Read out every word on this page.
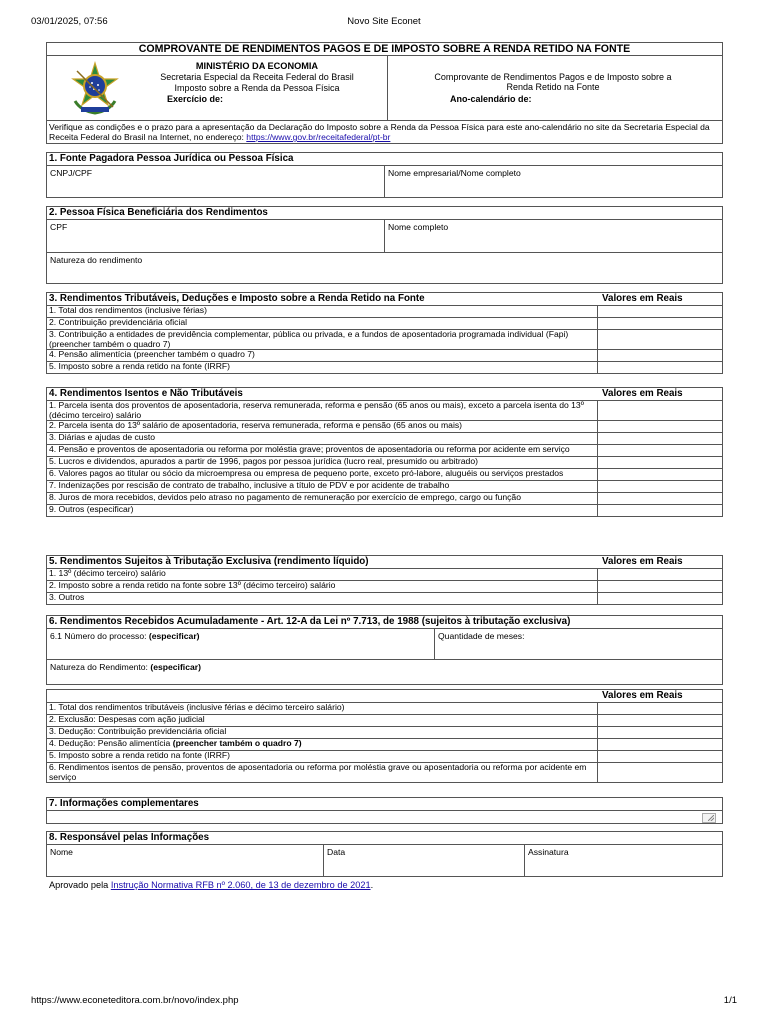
03/01/2025, 07:56	Novo Site Econet
COMPROVANTE DE RENDIMENTOS PAGOS E DE IMPOSTO SOBRE A RENDA RETIDO NA FONTE
MINISTÉRIO DA ECONOMIA
Secretaria Especial da Receita Federal do Brasil
Imposto sobre a Renda da Pessoa Física
Exercício de:
Comprovante de Rendimentos Pagos e de Imposto sobre a
Renda Retido na Fonte
Ano-calendário de:
Verifique as condições e o prazo para a apresentação da Declaração do Imposto sobre a Renda da Pessoa Física para este ano-calendário no site da Secretaria Especial da Receita Federal do Brasil na Internet, no endereço: https://www.gov.br/receitafederal/pt-br
1. Fonte Pagadora Pessoa Jurídica ou Pessoa Física
CNPJ/CPF	Nome empresarial/Nome completo
2. Pessoa Física Beneficiária dos Rendimentos
CPF	Nome completo
Natureza do rendimento
3. Rendimentos Tributáveis, Deduções e Imposto sobre a Renda Retido na Fonte	Valores em Reais
1. Total dos rendimentos (inclusive férias)
2. Contribuição previdenciária oficial
3. Contribuição a entidades de previdência complementar, pública ou privada, e a fundos de aposentadoria programada individual (Fapi) (preencher também o quadro 7)
4. Pensão alimentícia (preencher também o quadro 7)
5. Imposto sobre a renda retido na fonte (IRRF)
4. Rendimentos Isentos e Não Tributáveis	Valores em Reais
1. Parcela isenta dos proventos de aposentadoria, reserva remunerada, reforma e pensão (65 anos ou mais), exceto a parcela isenta do 13º (décimo terceiro) salário
2. Parcela isenta do 13º salário de aposentadoria, reserva remunerada, reforma e pensão (65 anos ou mais)
3. Diárias e ajudas de custo
4. Pensão e proventos de aposentadoria ou reforma por moléstia grave; proventos de aposentadoria ou reforma por acidente em serviço
5. Lucros e dividendos, apurados a partir de 1996, pagos por pessoa jurídica (lucro real, presumido ou arbitrado)
6. Valores pagos ao titular ou sócio da microempresa ou empresa de pequeno porte, exceto pró-labore, aluguéis ou serviços prestados
7. Indenizações por rescisão de contrato de trabalho, inclusive a título de PDV e por acidente de trabalho
8. Juros de mora recebidos, devidos pelo atraso no pagamento de remuneração por exercício de emprego, cargo ou função
9. Outros (especificar)
5. Rendimentos Sujeitos à Tributação Exclusiva (rendimento líquido)	Valores em Reais
1. 13º (décimo terceiro) salário
2. Imposto sobre a renda retido na fonte sobre 13º (décimo terceiro) salário
3. Outros
6. Rendimentos Recebidos Acumuladamente - Art. 12-A da Lei nº 7.713, de 1988 (sujeitos à tributação exclusiva)
6.1 Número do processo: (especificar)	Quantidade de meses:
Natureza do Rendimento: (especificar)
Valores em Reais
1. Total dos rendimentos tributáveis (inclusive férias e décimo terceiro salário)
2. Exclusão: Despesas com ação judicial
3. Dedução: Contribuição previdenciária oficial
4. Dedução: Pensão alimentícia (preencher também o quadro 7)
5. Imposto sobre a renda retido na fonte (IRRF)
6. Rendimentos isentos de pensão, proventos de aposentadoria ou reforma por moléstia grave ou aposentadoria ou reforma por acidente em serviço
7. Informações complementares
8. Responsável pelas Informações
Nome	Data	Assinatura
Aprovado pela Instrução Normativa RFB nº 2.060, de 13 de dezembro de 2021.
https://www.econeteditora.com.br/novo/index.php	1/1
